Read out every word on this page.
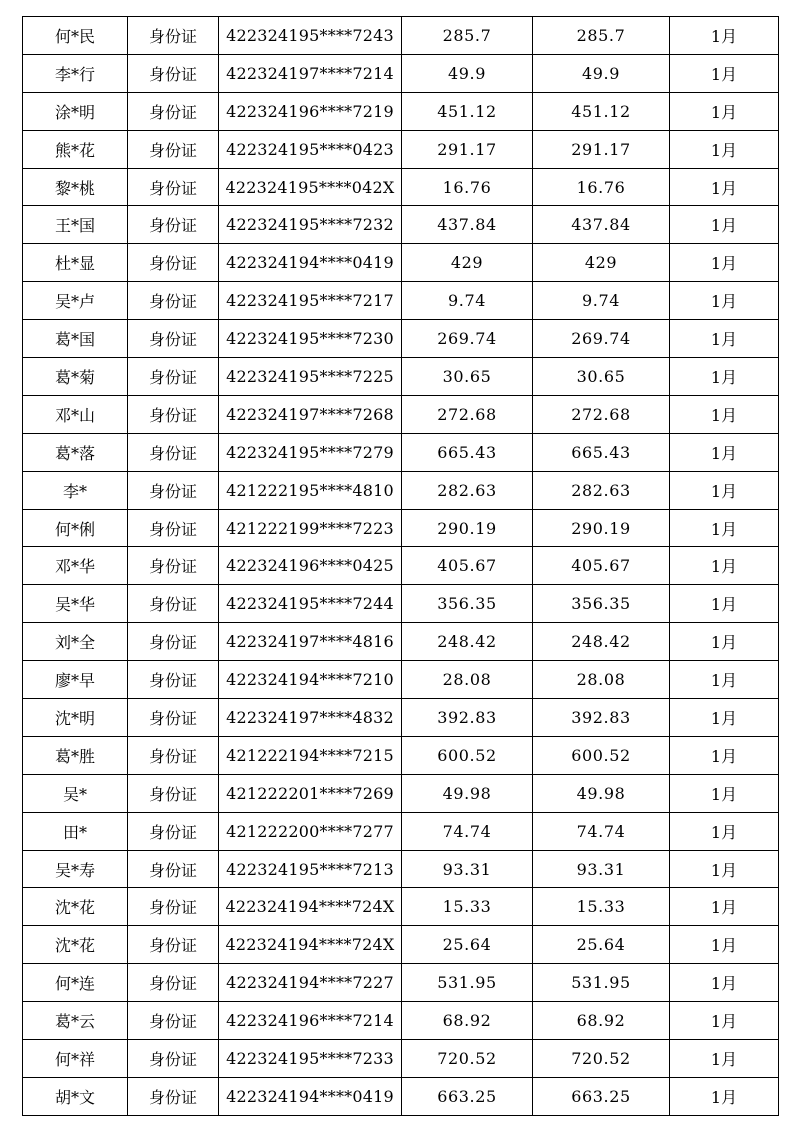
何*民	身份证	422324195****7243	285.7	285.7	1月
李*行	身份证	422324197****7214	49.9	49.9	1月
涂*明	身份证	422324196****7219	451.12	451.12	1月
熊*花	身份证	422324195****0423	291.17	291.17	1月
黎*桃	身份证	422324195****042X	16.76	16.76	1月
王*国	身份证	422324195****7232	437.84	437.84	1月
杜*显	身份证	422324194****0419	429	429	1月
吴*卢	身份证	422324195****7217	9.74	9.74	1月
葛*国	身份证	422324195****7230	269.74	269.74	1月
葛*菊	身份证	422324195****7225	30.65	30.65	1月
邓*山	身份证	422324197****7268	272.68	272.68	1月
葛*落	身份证	422324195****7279	665.43	665.43	1月
李*	身份证	421222195****4810	282.63	282.63	1月
何*俐	身份证	421222199****7223	290.19	290.19	1月
邓*华	身份证	422324196****0425	405.67	405.67	1月
吴*华	身份证	422324195****7244	356.35	356.35	1月
刘*全	身份证	422324197****4816	248.42	248.42	1月
廖*早	身份证	422324194****7210	28.08	28.08	1月
沈*明	身份证	422324197****4832	392.83	392.83	1月
葛*胜	身份证	421222194****7215	600.52	600.52	1月
吴*	身份证	421222201****7269	49.98	49.98	1月
田*	身份证	421222200****7277	74.74	74.74	1月
吴*寿	身份证	422324195****7213	93.31	93.31	1月
沈*花	身份证	422324194****724X	15.33	15.33	1月
沈*花	身份证	422324194****724X	25.64	25.64	1月
何*连	身份证	422324194****7227	531.95	531.95	1月
葛*云	身份证	422324196****7214	68.92	68.92	1月
何*祥	身份证	422324195****7233	720.52	720.52	1月
胡*文	身份证	422324194****0419	663.25	663.25	1月
